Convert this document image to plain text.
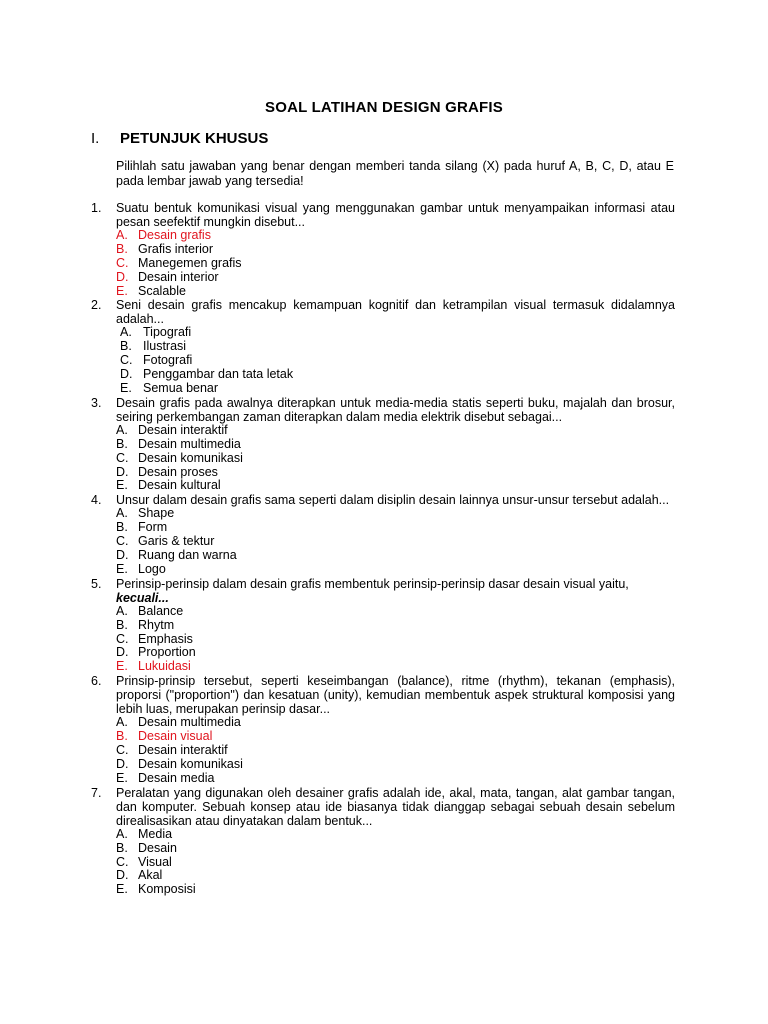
SOAL LATIHAN DESIGN GRAFIS
I. PETUNJUK KHUSUS
Pilihlah satu jawaban yang benar dengan memberi tanda silang (X) pada huruf A, B, C, D, atau E pada lembar jawab yang tersedia!
1.	Suatu bentuk komunikasi visual yang menggunakan gambar untuk menyampaikan informasi atau pesan seefektif mungkin disebut...
A. Desain grafis
B. Grafis interior
C. Manegemen grafis
D. Desain interior
E. Scalable
2.	Seni desain grafis mencakup kemampuan kognitif dan ketrampilan visual termasuk didalamnya adalah...
A. Tipografi
B. Ilustrasi
C. Fotografi
D. Penggambar dan tata letak
E. Semua benar
3.	Desain grafis pada awalnya diterapkan untuk media-media statis seperti buku, majalah dan brosur, seiring perkembangan zaman diterapkan dalam media elektrik disebut sebagai...
A. Desain interaktif
B. Desain multimedia
C. Desain komunikasi
D. Desain proses
E. Desain kultural
4.	Unsur dalam desain grafis sama seperti dalam disiplin desain lainnya unsur-unsur tersebut adalah...
A. Shape
B. Form
C. Garis & tektur
D. Ruang dan warna
E. Logo
5.	Perinsip-perinsip dalam desain grafis membentuk perinsip-perinsip dasar desain visual yaitu,
kecuali...
A. Balance
B. Rhytm
C. Emphasis
D. Proportion
E. Lukuidasi
6.	Prinsip-prinsip tersebut, seperti keseimbangan (balance), ritme (rhythm), tekanan (emphasis), proporsi ("proportion") dan kesatuan (unity), kemudian membentuk aspek struktural komposisi yang lebih luas, merupakan perinsip dasar...
A. Desain multimedia
B. Desain visual
C. Desain interaktif
D. Desain komunikasi
E. Desain media
7.	Peralatan yang digunakan oleh desainer grafis adalah ide, akal, mata, tangan, alat gambar tangan, dan komputer. Sebuah konsep atau ide biasanya tidak dianggap sebagai sebuah desain sebelum direalisasikan atau dinyatakan dalam bentuk...
A. Media
B. Desain
C. Visual
D. Akal
E. Komposisi
